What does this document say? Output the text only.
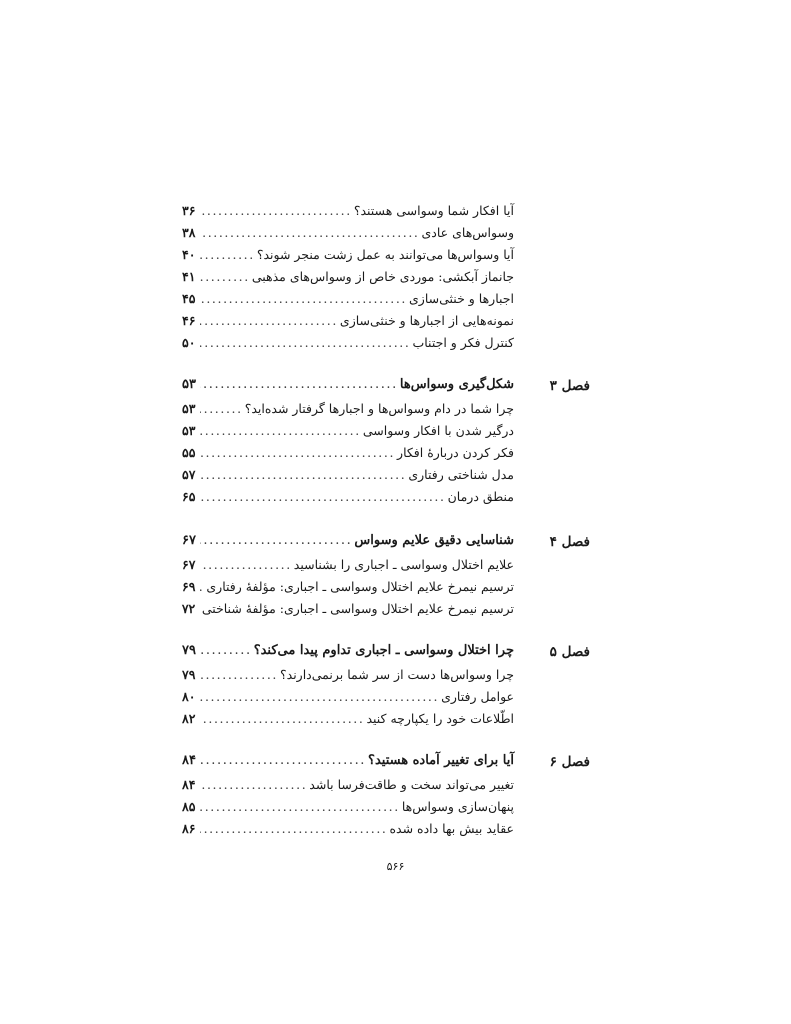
آیا افکار شما وسواسی هستند؟
.....
۳۶
وسواس‌های عادی
.....
۳۸
آیا وسواس‌ها می‌توانند به عمل زشت منجر شوند؟
.....
۴۰
جانماز آبکشی: موردی خاص از وسواس‌های مذهبی
.....
۴۱
اجبارها و خنثی‌سازی
.....
۴۵
نمونه‌هایی از اجبارها و خنثی‌سازی
.....
۴۶
کنترل فکر و اجتناب
.....
۵۰
فصل ۳
شکل‌گیری وسواس‌ها
.....
۵۳
چرا شما در دام وسواس‌ها و اجبارها گرفتار شده‌اید؟
.....
۵۳
درگیر شدن با افکار وسواسی
.....
۵۳
فکر کردن دربارهٔ افکار
.....
۵۵
مدل شناختی رفتاری
.....
۵۷
منطق درمان
.....
۶۵
فصل ۴
شناسایی دقیق علایم وسواس
.....
۶۷
علایم اختلال وسواسی ـ اجباری را بشناسید
.....
۶۷
ترسیم نیمرخ علایم اختلال وسواسی ـ اجباری: مؤلفهٔ رفتاری
.....
۶۹
ترسیم نیمرخ علایم اختلال وسواسی ـ اجباری: مؤلفهٔ شناختی
۷۲
فصل ۵
چرا اختلال وسواسی ـ اجباری تداوم پیدا می‌کند؟
.....
۷۹
چرا وسواس‌ها دست از سر شما برنمی‌دارند؟
.....
۷۹
عوامل رفتاری
.....
۸۰
اطّلاعات خود را یکپارچه کنید
.....
۸۲
فصل ۶
آیا برای تغییر آماده هستید؟
.....
۸۴
تغییر می‌تواند سخت و طاقت‌فرسا باشد
.....
۸۴
پنهان‌سازی وسواس‌ها
.....
۸۵
عقاید بیش بها داده شده
.....
۸۶
۵۶۶
